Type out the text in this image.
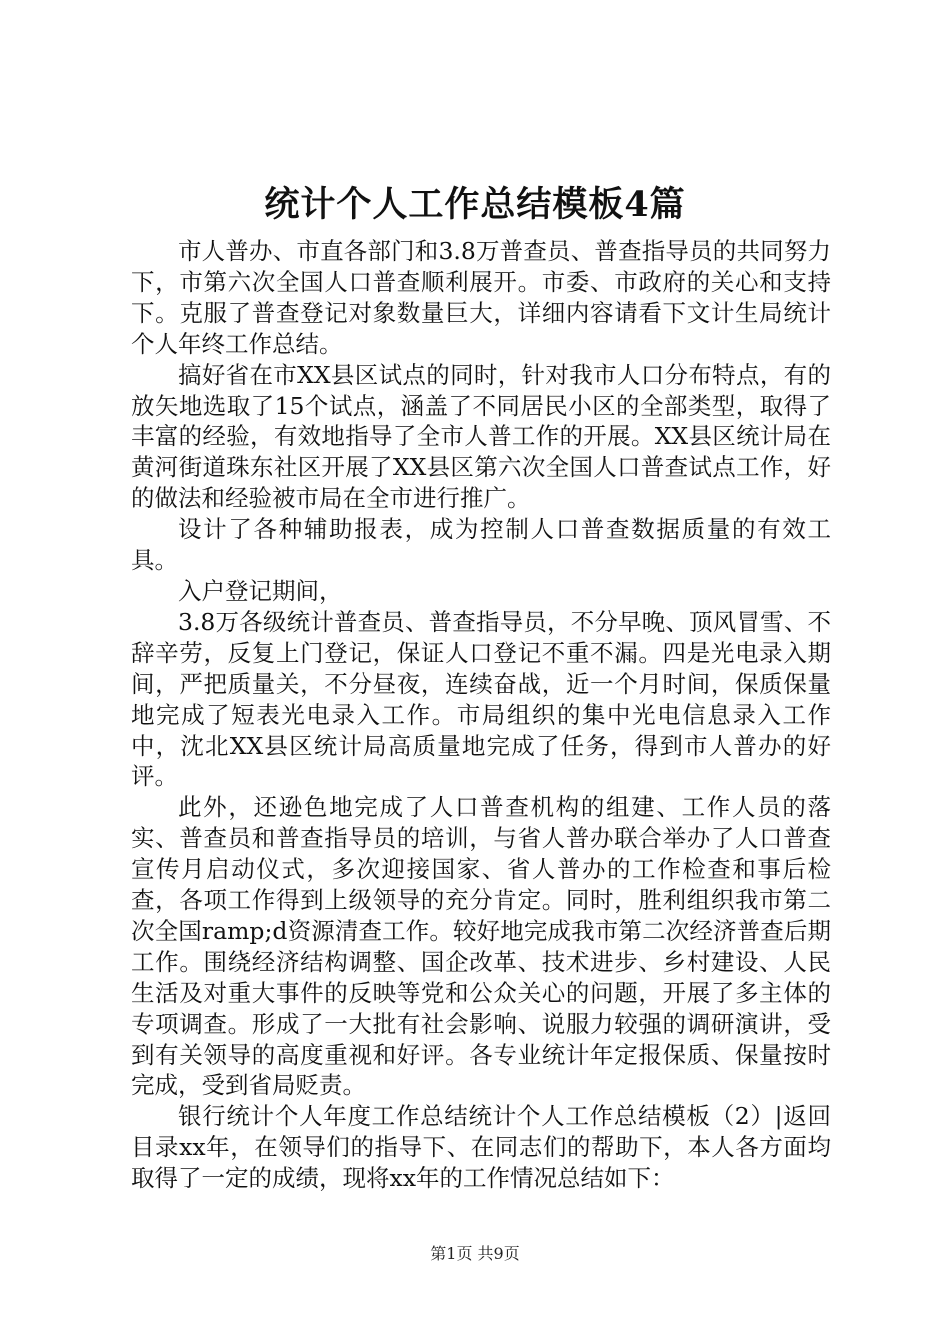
统计个人工作总结模板4篇

市人普办、市直各部门和3.8万普查员、普查指导员的共同努力下，市第六次全国人口普查顺利展开。市委、市政府的关心和支持下。克服了普查登记对象数量巨大，详细内容请看下文计生局统计个人年终工作总结。

搞好省在市XX县区试点的同时，针对我市人口分布特点，有的放矢地选取了15个试点，涵盖了不同居民小区的全部类型，取得了丰富的经验，有效地指导了全市人普工作的开展。XX县区统计局在黄河街道珠东社区开展了XX县区第六次全国人口普查试点工作，好的做法和经验被市局在全市进行推广。

设计了各种辅助报表，成为控制人口普查数据质量的有效工具。

入户登记期间，

3.8万各级统计普查员、普查指导员，不分早晚、顶风冒雪、不辞辛劳，反复上门登记，保证人口登记不重不漏。四是光电录入期间，严把质量关，不分昼夜，连续奋战，近一个月时间，保质保量地完成了短表光电录入工作。市局组织的集中光电信息录入工作中，沈北XX县区统计局高质量地完成了任务，得到市人普办的好评。

此外，还逊色地完成了人口普查机构的组建、工作人员的落实、普查员和普查指导员的培训，与省人普办联合举办了人口普查宣传月启动仪式，多次迎接国家、省人普办的工作检查和事后检查，各项工作得到上级领导的充分肯定。同时，胜利组织我市第二次全国ramp;d资源清查工作。较好地完成我市第二次经济普查后期工作。围绕经济结构调整、国企改革、技术进步、乡村建设、人民生活及对重大事件的反映等党和公众关心的问题，开展了多主体的专项调查。形成了一大批有社会影响、说服力较强的调研演讲，受到有关领导的高度重视和好评。各专业统计年定报保质、保量按时完成，受到省局贬责。

银行统计个人年度工作总结统计个人工作总结模板（2）|返回目录xx年，在领导们的指导下、在同志们的帮助下，本人各方面均取得了一定的成绩，现将xx年的工作情况总结如下：

第1页 共9页
